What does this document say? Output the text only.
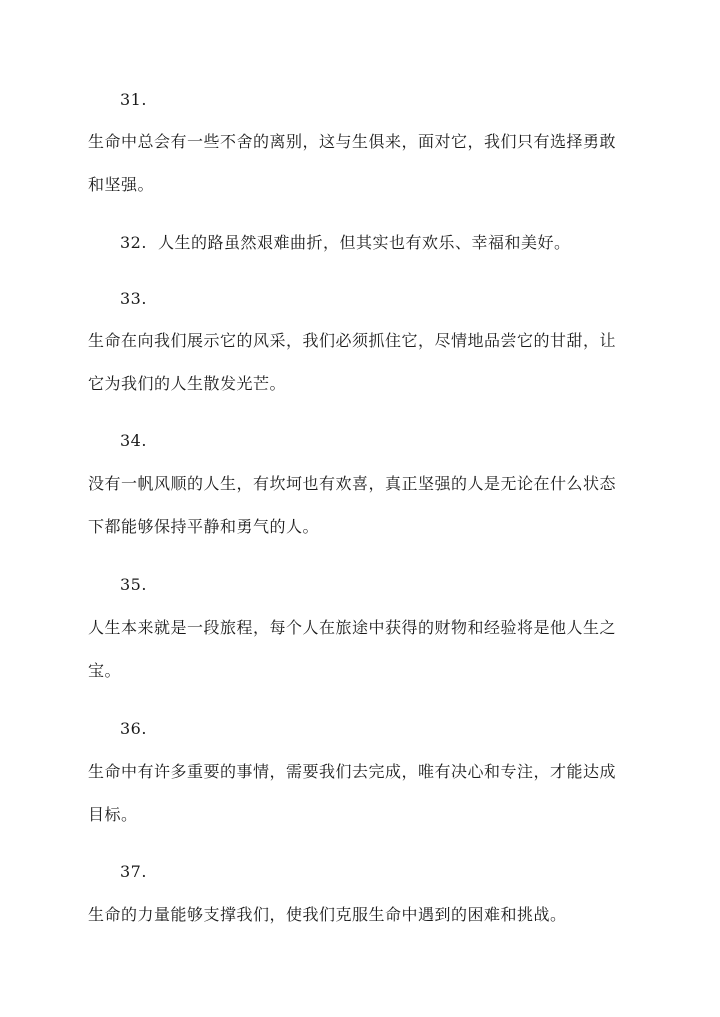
31.
生命中总会有一些不舍的离别，这与生俱来，面对它，我们只有选择勇敢
和坚强。
32. 人生的路虽然艰难曲折，但其实也有欢乐、幸福和美好。
33.
生命在向我们展示它的风采，我们必须抓住它，尽情地品尝它的甘甜，让
它为我们的人生散发光芒。
34.
没有一帆风顺的人生，有坎坷也有欢喜，真正坚强的人是无论在什么状态
下都能够保持平静和勇气的人。
35.
人生本来就是一段旅程，每个人在旅途中获得的财物和经验将是他人生之
宝。
36.
生命中有许多重要的事情，需要我们去完成，唯有决心和专注，才能达成
目标。
37.
生命的力量能够支撑我们，使我们克服生命中遇到的困难和挑战。
